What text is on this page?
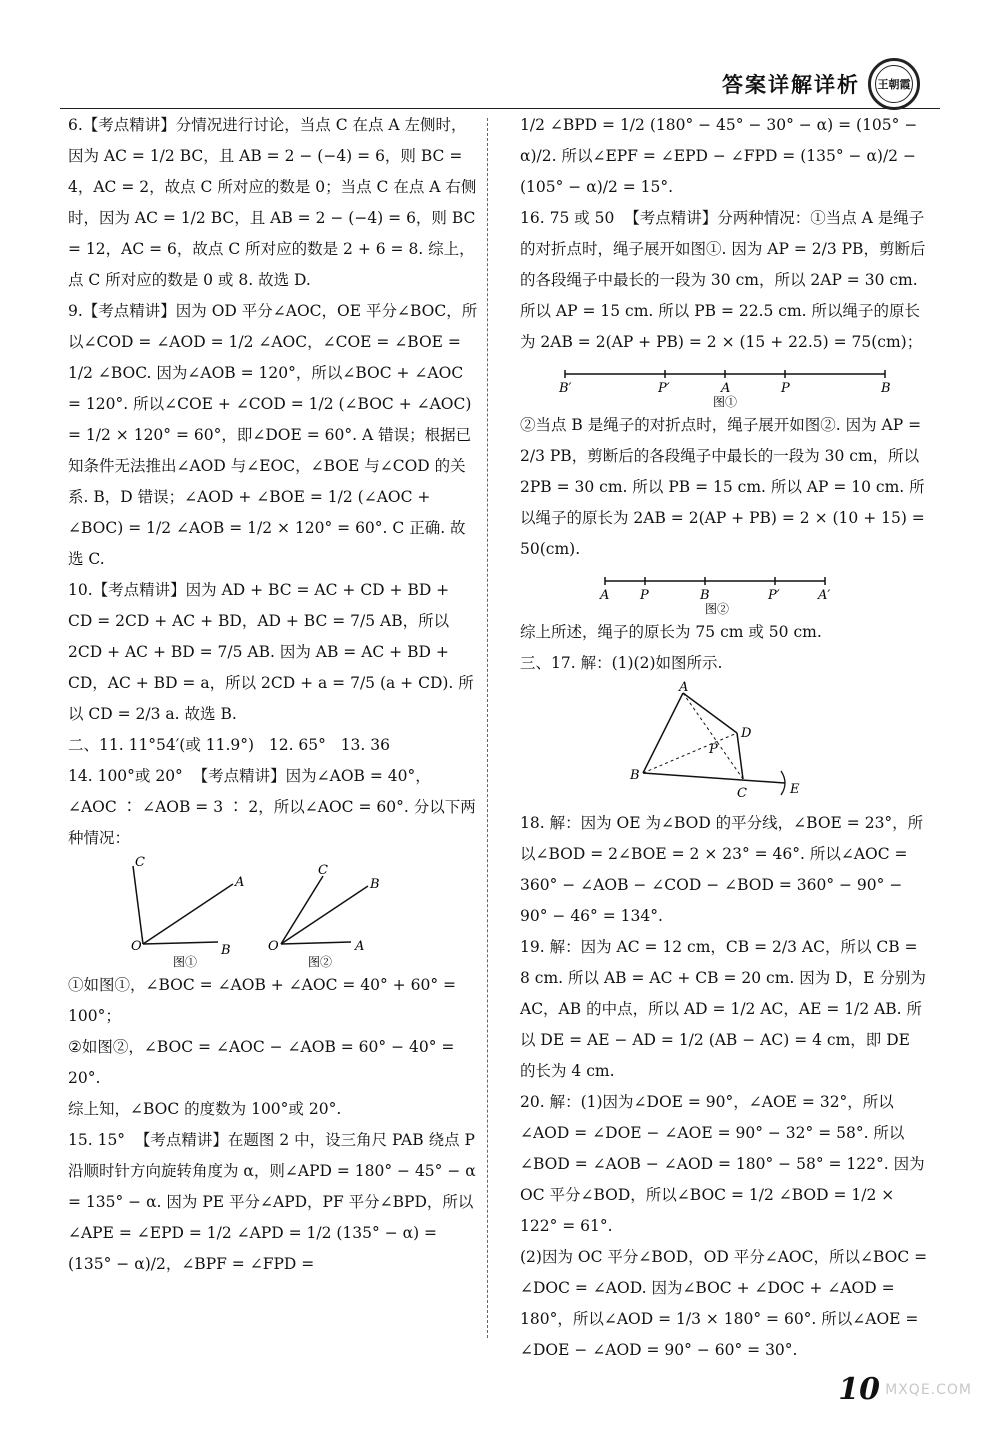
答案详解详析 王朝霞

6.【考点精讲】分情况进行讨论，当点 C 在点 A 左侧时，因为 AC = 1/2 BC，且 AB = 2 − (−4) = 6，则 BC = 4，AC = 2，故点 C 所对应的数是 0；当点 C 在点 A 右侧时，因为 AC = 1/2 BC，且 AB = 2 − (−4) = 6，则 BC = 12，AC = 6，故点 C 所对应的数是 2 + 6 = 8. 综上，点 C 所对应的数是 0 或 8. 故选 D.

9.【考点精讲】因为 OD 平分∠AOC，OE 平分∠BOC，所以∠COD = ∠AOD = 1/2 ∠AOC，∠COE = ∠BOE = 1/2 ∠BOC. 因为∠AOB = 120°，所以∠BOC + ∠AOC = 120°. 所以∠COE + ∠COD = 1/2 (∠BOC + ∠AOC) = 1/2 × 120° = 60°，即∠DOE = 60°. A 错误；根据已知条件无法推出∠AOD 与∠EOC，∠BOE 与∠COD 的关系. B，D 错误；∠AOD + ∠BOE = 1/2 (∠AOC + ∠BOC) = 1/2 ∠AOB = 1/2 × 120° = 60°. C 正确. 故选 C.

10.【考点精讲】因为 AD + BC = AC + CD + BD + CD = 2CD + AC + BD，AD + BC = 7/5 AB，所以 2CD + AC + BD = 7/5 AB. 因为 AB = AC + BD + CD，AC + BD = a，所以 2CD + a = 7/5 (a + CD). 所以 CD = 2/3 a. 故选 B.

二、11. 11°54′(或 11.9°)   12. 65°   13. 36

14. 100°或 20°  【考点精讲】因为∠AOB = 40°，∠AOC ∶ ∠AOB = 3 ∶ 2，所以∠AOC = 60°. 分以下两种情况：

C
A
O	B
图①
C
B
O	A
图②

①如图①，∠BOC = ∠AOB + ∠AOC = 40° + 60° = 100°；
②如图②，∠BOC = ∠AOC − ∠AOB = 60° − 40° = 20°.
综上知，∠BOC 的度数为 100°或 20°.

15. 15°  【考点精讲】在题图 2 中，设三角尺 PAB 绕点 P 沿顺时针方向旋转角度为 α，则∠APD = 180° − 45° − α = 135° − α. 因为 PE 平分∠APD，PF 平分∠BPD，所以∠APE = ∠EPD = 1/2 ∠APD = 1/2 (135° − α) = (135° − α)/2，∠BPF = ∠FPD =

1/2 ∠BPD = 1/2 (180° − 45° − 30° − α) = (105° − α)/2. 所以∠EPF = ∠EPD − ∠FPD = (135° − α)/2 − (105° − α)/2 = 15°.

16. 75 或 50  【考点精讲】分两种情况：①当点 A 是绳子的对折点时，绳子展开如图①. 因为 AP = 2/3 PB，剪断后的各段绳子中最长的一段为 30 cm，所以 2AP = 30 cm. 所以 AP = 15 cm. 所以 PB = 22.5 cm. 所以绳子的原长为 2AB = 2(AP + PB) = 2 × (15 + 22.5) = 75(cm)；

B′	P′	A	P	B
图①

②当点 B 是绳子的对折点时，绳子展开如图②. 因为 AP = 2/3 PB，剪断后的各段绳子中最长的一段为 30 cm，所以 2PB = 30 cm. 所以 PB = 15 cm. 所以 AP = 10 cm. 所以绳子的原长为 2AB = 2(AP + PB) = 2 × (10 + 15) = 50(cm).

A P	B	P′	A′
图②

综上所述，绳子的原长为 75 cm 或 50 cm.

三、17. 解：(1)(2)如图所示.

A
D
P
B
C	E

18. 解：因为 OE 为∠BOD 的平分线，∠BOE = 23°，所以∠BOD = 2∠BOE = 2 × 23° = 46°. 所以∠AOC = 360° − ∠AOB − ∠COD − ∠BOD = 360° − 90° − 90° − 46° = 134°.

19. 解：因为 AC = 12 cm，CB = 2/3 AC，所以 CB = 8 cm. 所以 AB = AC + CB = 20 cm. 因为 D，E 分别为 AC，AB 的中点，所以 AD = 1/2 AC，AE = 1/2 AB. 所以 DE = AE − AD = 1/2 (AB − AC) = 4 cm，即 DE 的长为 4 cm.

20. 解：(1)因为∠DOE = 90°，∠AOE = 32°，所以∠AOD = ∠DOE − ∠AOE = 90° − 32° = 58°. 所以∠BOD = ∠AOB − ∠AOD = 180° − 58° = 122°. 因为 OC 平分∠BOD，所以∠BOC = 1/2 ∠BOD = 1/2 × 122° = 61°.

(2)因为 OC 平分∠BOD，OD 平分∠AOC，所以∠BOC = ∠DOC = ∠AOD. 因为∠BOC + ∠DOC + ∠AOD = 180°，所以∠AOD = 1/3 × 180° = 60°. 所以∠AOE = ∠DOE − ∠AOD = 90° − 60° = 30°.

10 MXQE.COM
